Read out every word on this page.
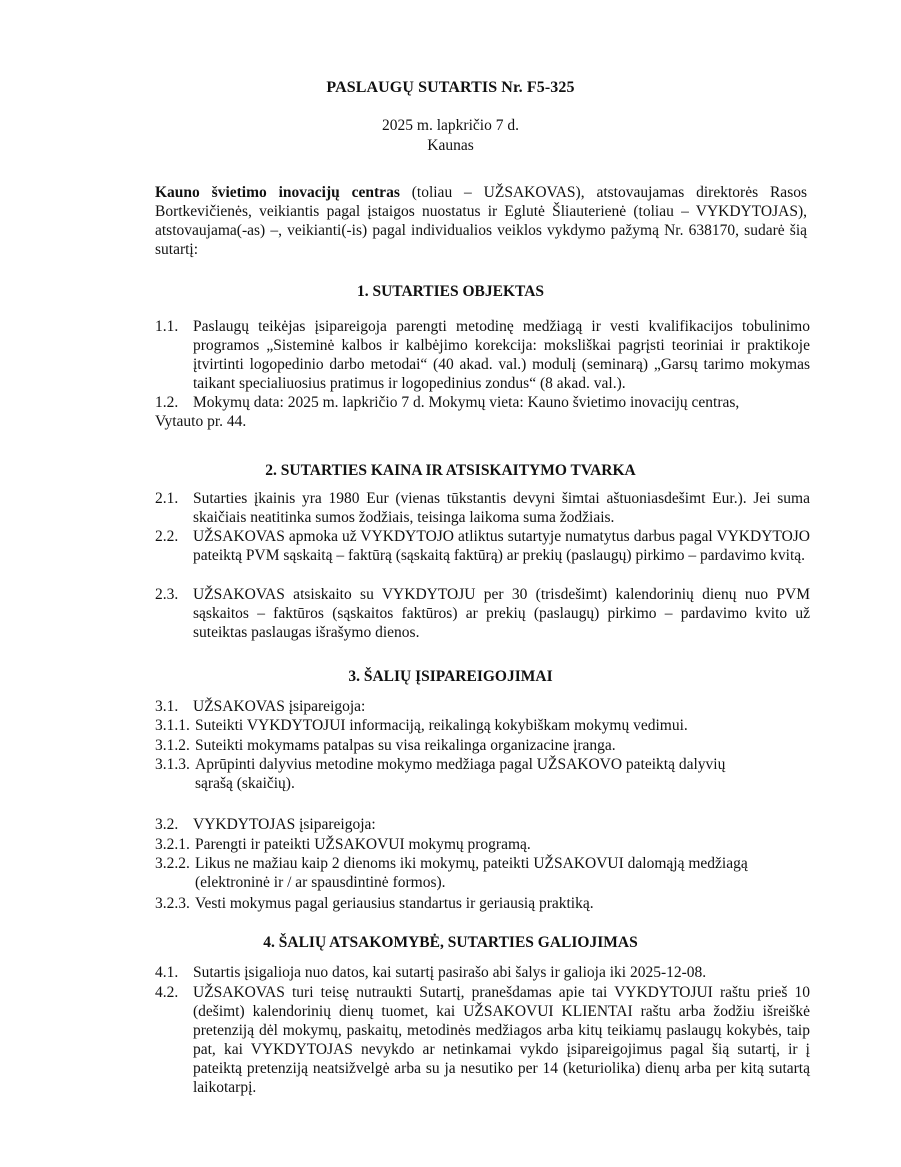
PASLAUGŲ SUTARTIS Nr. F5-325
2025 m. lapkričio 7 d.
Kaunas
Kauno švietimo inovacijų centras (toliau – UŽSAKOVAS), atstovaujamas direktorės Rasos Bortkevičienės, veikiantis pagal įstaigos nuostatus ir Eglutė Šliauterienė (toliau – VYKDYTOJAS), atstovaujama(-as) –, veikianti(-is) pagal individualios veiklos vykdymo pažymą Nr. 638170, sudarė šią sutartį:
1. SUTARTIES OBJEKTAS
1.1. Paslaugų teikėjas įsipareigoja parengti metodinę medžiagą ir vesti kvalifikacijos tobulinimo programos „Sisteminė kalbos ir kalbėjimo korekcija: moksliškai pagrįsti teoriniai ir praktikoje įtvirtinti logopedinio darbo metodai“ (40 akad. val.) modulį (seminarą) „Garsų tarimo mokymas taikant specialiuosius pratimus ir logopedinius zondus“ (8 akad. val.).
1.2. Mokymų data: 2025 m. lapkričio 7 d. Mokymų vieta: Kauno švietimo inovacijų centras,
Vytauto pr. 44.
2. SUTARTIES KAINA IR ATSISKAITYMO TVARKA
2.1. Sutarties įkainis yra 1980 Eur (vienas tūkstantis devyni šimtai aštuoniasdešimt Eur.). Jei suma skaičiais neatitinka sumos žodžiais, teisinga laikoma suma žodžiais.
2.2. UŽSAKOVAS apmoka už VYKDYTOJO atliktus sutartyje numatytus darbus pagal VYKDYTOJO pateiktą PVM sąskaitą – faktūrą (sąskaitą faktūrą) ar prekių (paslaugų) pirkimo – pardavimo kvitą.
2.3. UŽSAKOVAS atsiskaito su VYKDYTOJU per 30 (trisdešimt) kalendorinių dienų nuo PVM sąskaitos – faktūros (sąskaitos faktūros) ar prekių (paslaugų) pirkimo – pardavimo kvito už suteiktas paslaugas išrašymo dienos.
3. ŠALIŲ ĮSIPAREIGOJIMAI
3.1. UŽSAKOVAS įsipareigoja:
3.1.1. Suteikti VYKDYTOJUI informaciją, reikalingą kokybiškam mokymų vedimui.
3.1.2. Suteikti mokymams patalpas su visa reikalinga organizacine įranga.
3.1.3. Aprūpinti dalyvius metodine mokymo medžiaga pagal UŽSAKOVO pateiktą dalyvių sąrašą (skaičių).
3.2. VYKDYTOJAS įsipareigoja:
3.2.1. Parengti ir pateikti UŽSAKOVUI mokymų programą.
3.2.2. Likus ne mažiau kaip 2 dienoms iki mokymų, pateikti UŽSAKOVUI dalomąją medžiagą (elektroninė ir / ar spausdintinė formos).
3.2.3. Vesti mokymus pagal geriausius standartus ir geriausią praktiką.
4. ŠALIŲ ATSAKOMYBĖ, SUTARTIES GALIOJIMAS
4.1. Sutartis įsigalioja nuo datos, kai sutartį pasirašo abi šalys ir galioja iki 2025-12-08.
4.2. UŽSAKOVAS turi teisę nutraukti Sutartį, pranešdamas apie tai VYKDYTOJUI raštu prieš 10 (dešimt) kalendorinių dienų tuomet, kai UŽSAKOVUI KLIENTAI raštu arba žodžiu išreiškė pretenziją dėl mokymų, paskaitų, metodinės medžiagos arba kitų teikiamų paslaugų kokybės, taip pat, kai VYKDYTOJAS nevykdo ar netinkamai vykdo įsipareigojimus pagal šią sutartį, ir į pateiktą pretenziją neatsižvelgė arba su ja nesutiko per 14 (keturiolika) dienų arba per kitą sutartą laikotarpį.
